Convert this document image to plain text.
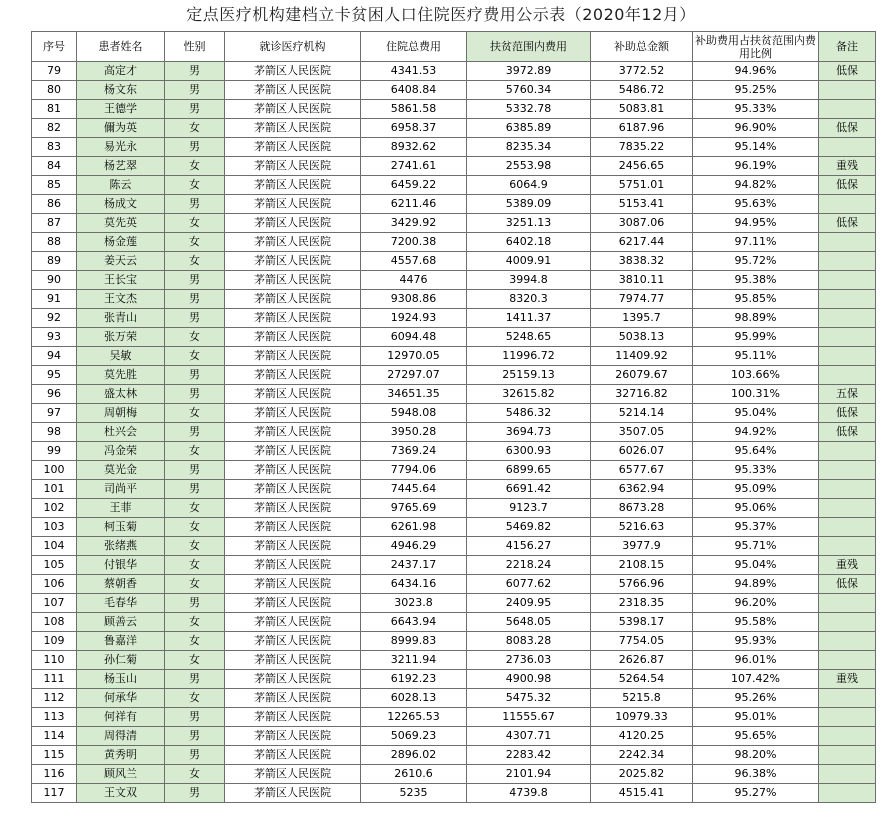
定点医疗机构建档立卡贫困人口住院医疗费用公示表（2020年12月）
序号	患者姓名	性别	就诊医疗机构	住院总费用	扶贫范围内费用	补助总金额	补助费用占扶贫范围内费用比例	备注
79	高定才	男	茅箭区人民医院	4341.53	3972.89	3772.52	94.96%	低保
80	杨文东	男	茅箭区人民医院	6408.84	5760.34	5486.72	95.25%	
81	王德学	男	茅箭区人民医院	5861.58	5332.78	5083.81	95.33%	
82	儞为英	女	茅箭区人民医院	6958.37	6385.89	6187.96	96.90%	低保
83	易光永	男	茅箭区人民医院	8932.62	8235.34	7835.22	95.14%	
84	杨艺翠	女	茅箭区人民医院	2741.61	2553.98	2456.65	96.19%	重残
85	陈云	女	茅箭区人民医院	6459.22	6064.9	5751.01	94.82%	低保
86	杨成文	男	茅箭区人民医院	6211.46	5389.09	5153.41	95.63%	
87	莫先英	女	茅箭区人民医院	3429.92	3251.13	3087.06	94.95%	低保
88	杨金莲	女	茅箭区人民医院	7200.38	6402.18	6217.44	97.11%	
89	姜天云	女	茅箭区人民医院	4557.68	4009.91	3838.32	95.72%	
90	王长宝	男	茅箭区人民医院	4476	3994.8	3810.11	95.38%	
91	王文杰	男	茅箭区人民医院	9308.86	8320.3	7974.77	95.85%	
92	张青山	男	茅箭区人民医院	1924.93	1411.37	1395.7	98.89%	
93	张万荣	女	茅箭区人民医院	6094.48	5248.65	5038.13	95.99%	
94	吴敏	女	茅箭区人民医院	12970.05	11996.72	11409.92	95.11%	
95	莫先胜	男	茅箭区人民医院	27297.07	25159.13	26079.67	103.66%	
96	盛太林	男	茅箭区人民医院	34651.35	32615.82	32716.82	100.31%	五保
97	周朝梅	女	茅箭区人民医院	5948.08	5486.32	5214.14	95.04%	低保
98	杜兴会	男	茅箭区人民医院	3950.28	3694.73	3507.05	94.92%	低保
99	冯金荣	女	茅箭区人民医院	7369.24	6300.93	6026.07	95.64%	
100	莫光金	男	茅箭区人民医院	7794.06	6899.65	6577.67	95.33%	
101	司尚平	男	茅箭区人民医院	7445.64	6691.42	6362.94	95.09%	
102	王菲	女	茅箭区人民医院	9765.69	9123.7	8673.28	95.06%	
103	柯玉菊	女	茅箭区人民医院	6261.98	5469.82	5216.63	95.37%	
104	张绪燕	女	茅箭区人民医院	4946.29	4156.27	3977.9	95.71%	
105	付银华	女	茅箭区人民医院	2437.17	2218.24	2108.15	95.04%	重残
106	蔡朝香	女	茅箭区人民医院	6434.16	6077.62	5766.96	94.89%	低保
107	毛春华	男	茅箭区人民医院	3023.8	2409.95	2318.35	96.20%	
108	顾善云	女	茅箭区人民医院	6643.94	5648.05	5398.17	95.58%	
109	鲁嘉洋	女	茅箭区人民医院	8999.83	8083.28	7754.05	95.93%	
110	孙仁菊	女	茅箭区人民医院	3211.94	2736.03	2626.87	96.01%	
111	杨玉山	男	茅箭区人民医院	6192.23	4900.98	5264.54	107.42%	重残
112	何承华	女	茅箭区人民医院	6028.13	5475.32	5215.8	95.26%	
113	何祥有	男	茅箭区人民医院	12265.53	11555.67	10979.33	95.01%	
114	周得清	男	茅箭区人民医院	5069.23	4307.71	4120.25	95.65%	
115	黄秀明	男	茅箭区人民医院	2896.02	2283.42	2242.34	98.20%	
116	顾风兰	女	茅箭区人民医院	2610.6	2101.94	2025.82	96.38%	
117	王文双	男	茅箭区人民医院	5235	4739.8	4515.41	95.27%	
